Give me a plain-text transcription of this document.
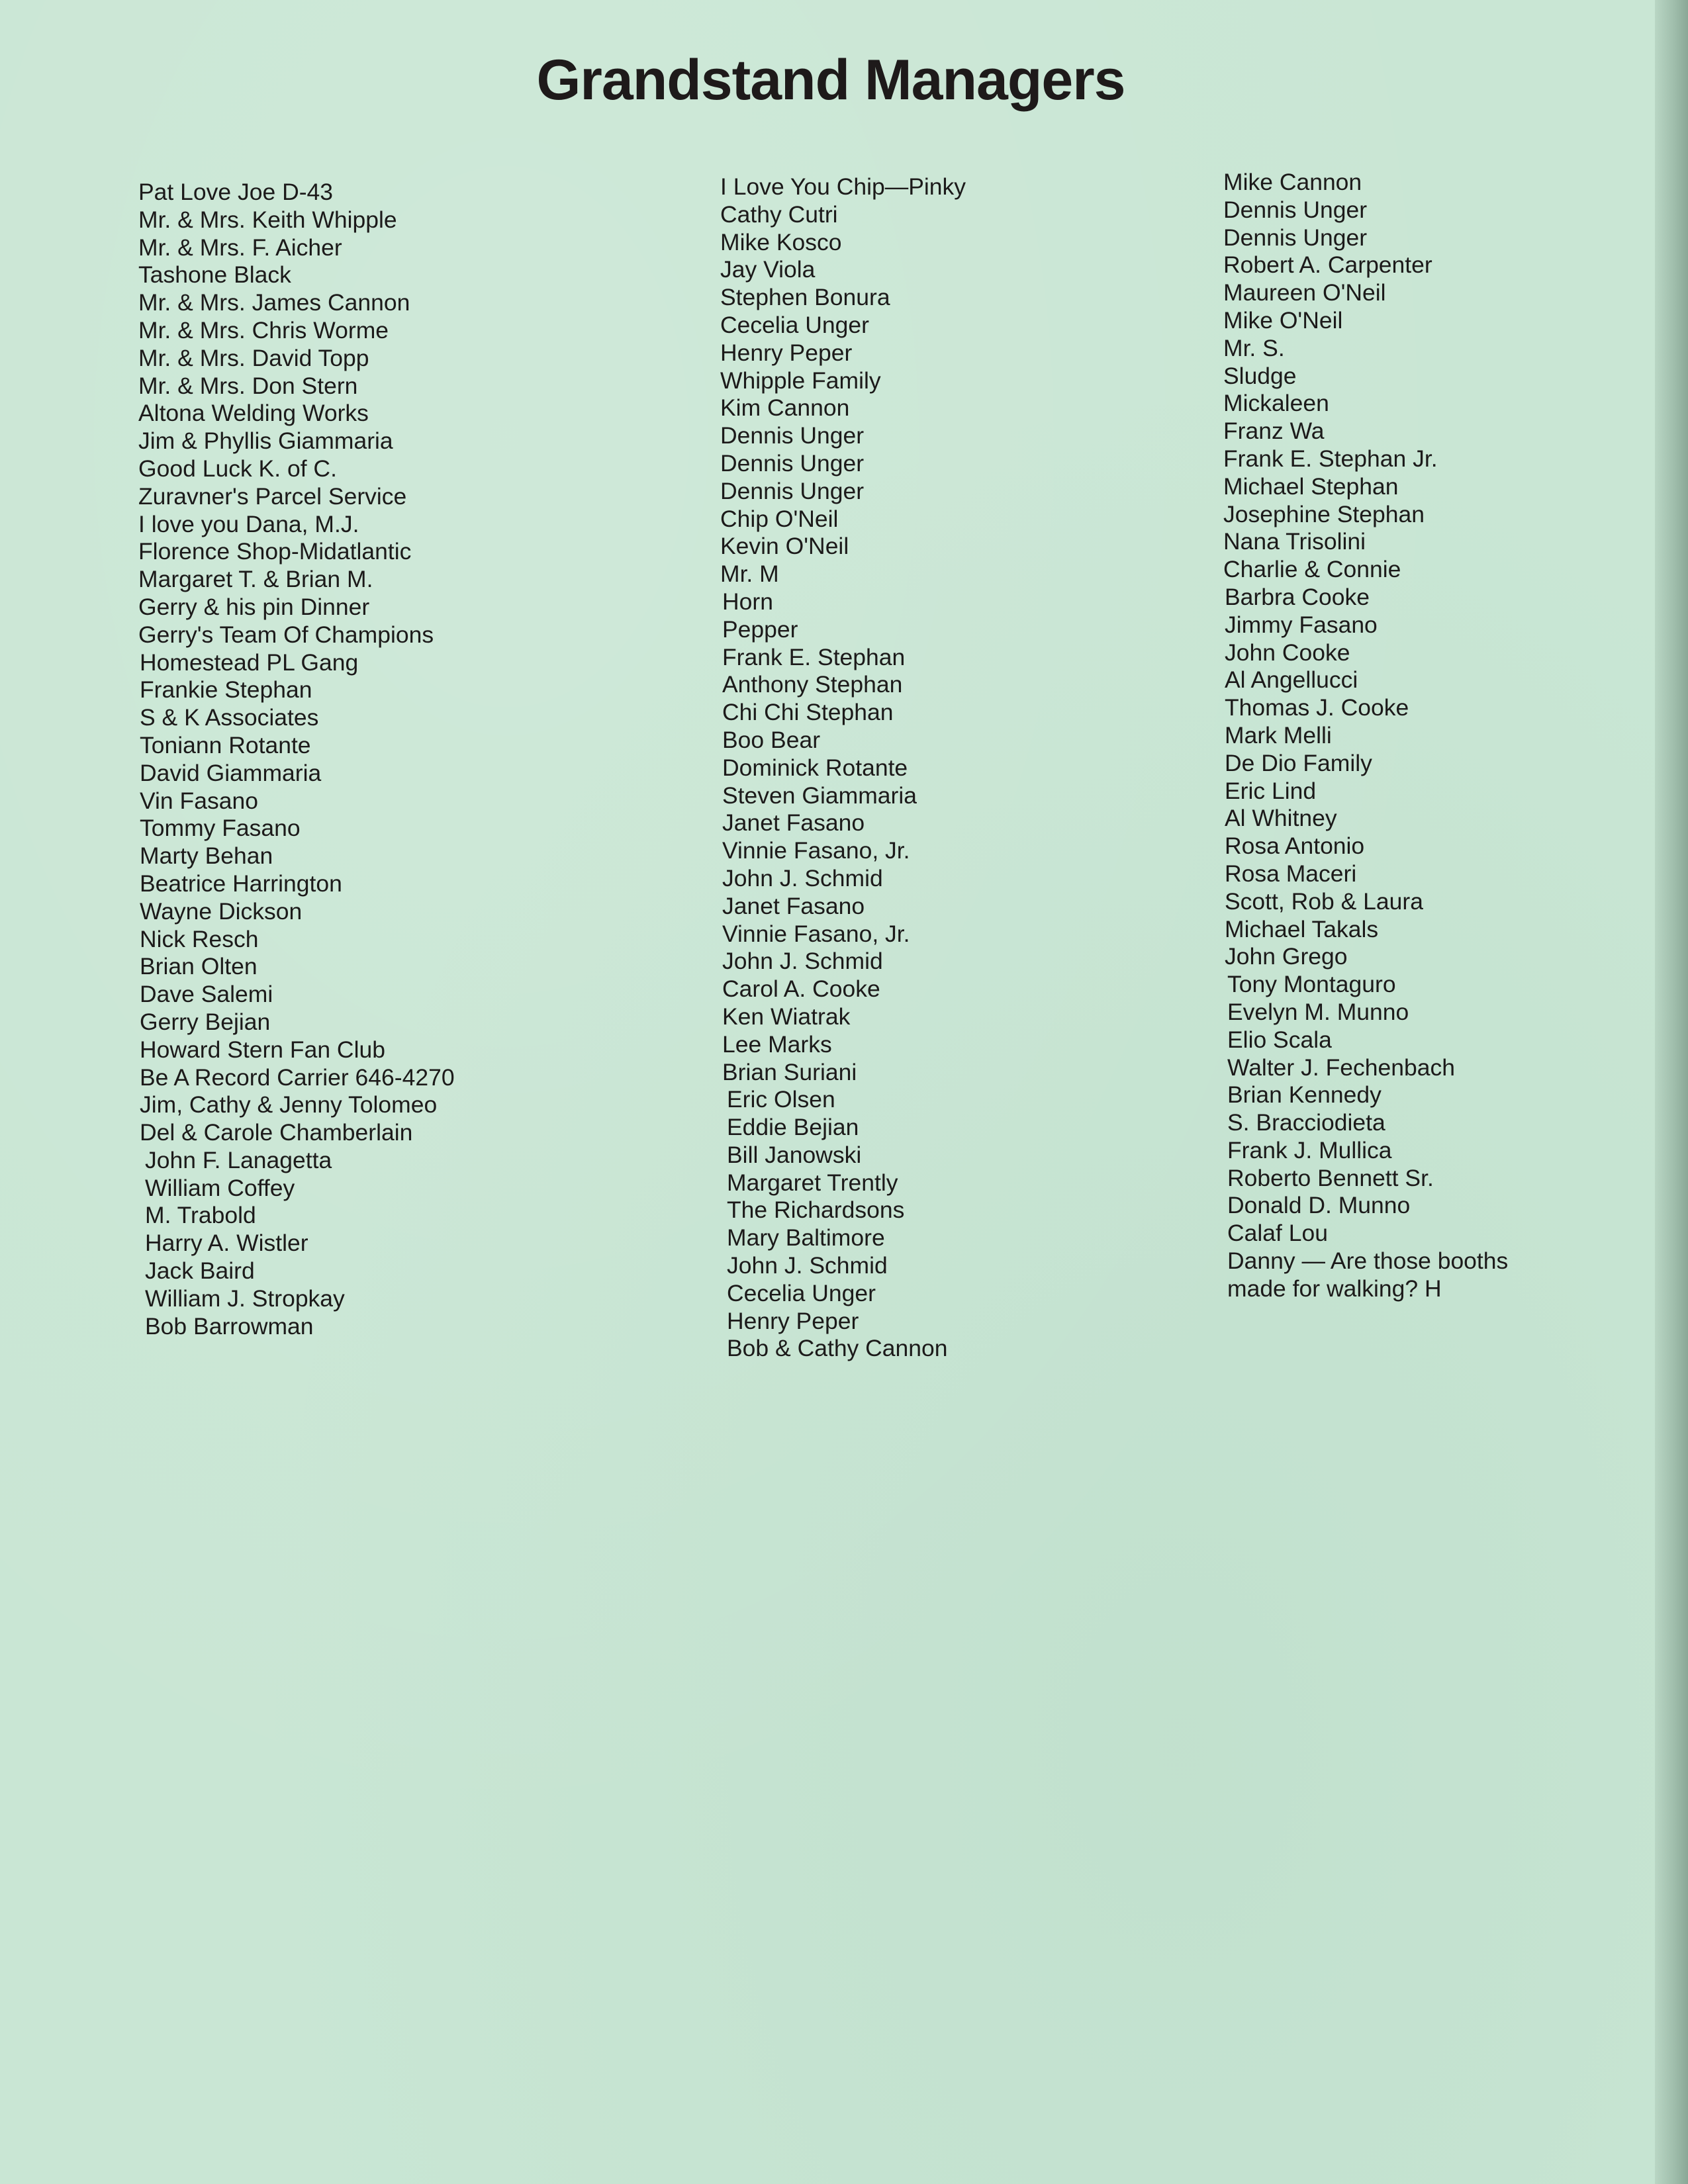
Grandstand Managers
Pat Love Joe D-43
Mr. & Mrs. Keith Whipple
Mr. & Mrs. F. Aicher
Tashone Black
Mr. & Mrs. James Cannon
Mr. & Mrs. Chris Worme
Mr. & Mrs. David Topp
Mr. & Mrs. Don Stern
Altona Welding Works
Jim & Phyllis Giammaria
Good Luck K. of C.
Zuravner's Parcel Service
I love you Dana, M.J.
Florence Shop-Midatlantic
Margaret T. & Brian M.
Gerry & his pin Dinner
Gerry's Team Of Champions
Homestead PL Gang
Frankie Stephan
S & K Associates
Toniann Rotante
David Giammaria
Vin Fasano
Tommy Fasano
Marty Behan
Beatrice Harrington
Wayne Dickson
Nick Resch
Brian Olten
Dave Salemi
Gerry Bejian
Howard Stern Fan Club
Be A Record Carrier 646-4270
Jim, Cathy & Jenny Tolomeo
Del & Carole Chamberlain
John F. Lanagetta
William Coffey
M. Trabold
Harry A. Wistler
Jack Baird
William J. Stropkay
Bob Barrowman
I Love You Chip—Pinky
Cathy Cutri
Mike Kosco
Jay Viola
Stephen Bonura
Cecelia Unger
Henry Peper
Whipple Family
Kim Cannon
Dennis Unger
Dennis Unger
Dennis Unger
Chip O'Neil
Kevin O'Neil
Mr. M
Horn
Pepper
Frank E. Stephan
Anthony Stephan
Chi Chi Stephan
Boo Bear
Dominick Rotante
Steven Giammaria
Janet Fasano
Vinnie Fasano, Jr.
John J. Schmid
Janet Fasano
Vinnie Fasano, Jr.
John J. Schmid
Carol A. Cooke
Ken Wiatrak
Lee Marks
Brian Suriani
Eric Olsen
Eddie Bejian
Bill Janowski
Margaret Trently
The Richardsons
Mary Baltimore
John J. Schmid
Cecelia Unger
Henry Peper
Bob & Cathy Cannon
Mike Cannon
Dennis Unger
Dennis Unger
Robert A. Carpenter
Maureen O'Neil
Mike O'Neil
Mr. S.
Sludge
Mickaleen
Franz Wa
Frank E. Stephan Jr.
Michael Stephan
Josephine Stephan
Nana Trisolini
Charlie & Connie
Barbra Cooke
Jimmy Fasano
John Cooke
Al Angellucci
Thomas J. Cooke
Mark Melli
De Dio Family
Eric Lind
Al Whitney
Rosa Antonio
Rosa Maceri
Scott, Rob & Laura
Michael Takals
John Grego
Tony Montaguro
Evelyn M. Munno
Elio Scala
Walter J. Fechenbach
Brian Kennedy
S. Bracciodieta
Frank J. Mullica
Roberto Bennett Sr.
Donald D. Munno
Calaf Lou
Danny — Are those booths
made for walking? H
